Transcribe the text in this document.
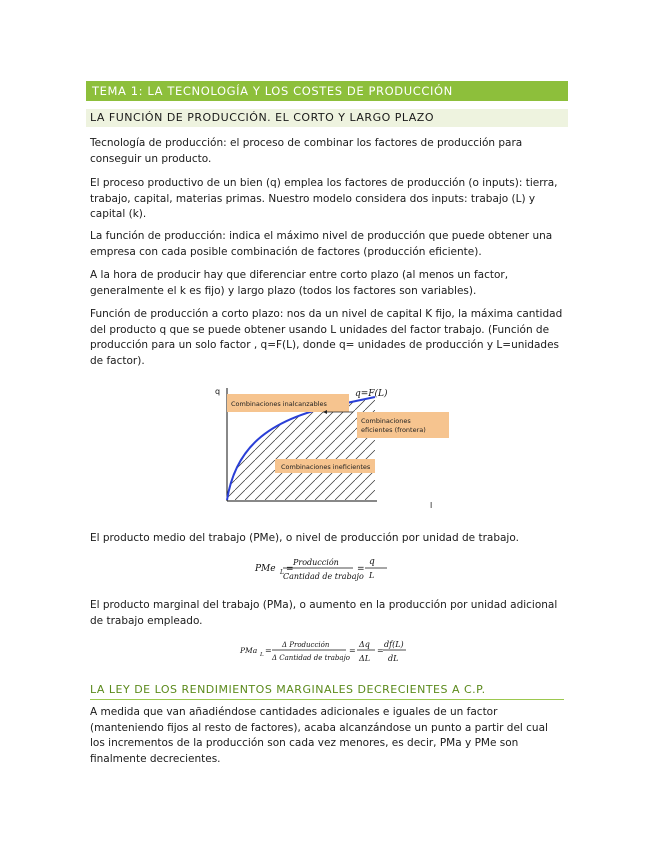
TEMA 1: LA TECNOLOGÍA Y LOS COSTES DE PRODUCCIÓN
LA FUNCIÓN DE PRODUCCIÓN. EL CORTO Y LARGO PLAZO

Tecnología de producción: el proceso de combinar los factores de producción para conseguir un producto.

El proceso productivo de un bien (q) emplea los factores de producción (o inputs): tierra, trabajo, capital, materias primas. Nuestro modelo considera dos inputs: trabajo (L) y capital (k).

La función de producción: indica el máximo nivel de producción que puede obtener una empresa con cada posible combinación de factores (producción eficiente).

A la hora de producir hay que diferenciar entre corto plazo (al menos un factor, generalmente el k es fijo) y largo plazo (todos los factores son variables).

Función de producción a corto plazo: nos da un nivel de capital K fijo, la máxima cantidad del producto q que se puede obtener usando L unidades del factor trabajo. (Función de producción para un solo factor , q=F(L), donde q= unidades de producción y L=unidades de factor).

q
l
q=F(L)
Combinaciones inalcanzables
Combinaciones
eficientes (frontera)
Combinaciones ineficientes

El producto medio del trabajo (PMe), o nivel de producción por unidad de trabajo.

PMe L =
Producción
Cantidad de trabajo
=
q
L

El producto marginal del trabajo (PMa), o aumento en la producción por unidad adicional de trabajo empleado.

PMa L =
Δ Producción
Δ Cantidad de trabajo
=
Δq
ΔL
=
df(L)
dL
LA LEY DE LOS RENDIMIENTOS MARGINALES DECRECIENTES A C.P.

A medida que van añadiéndose cantidades adicionales e iguales de un factor (manteniendo fijos al resto de factores), acaba alcanzándose un punto a partir del cual los incrementos de la producción son cada vez menores, es decir, PMa y PMe son finalmente decrecientes.
